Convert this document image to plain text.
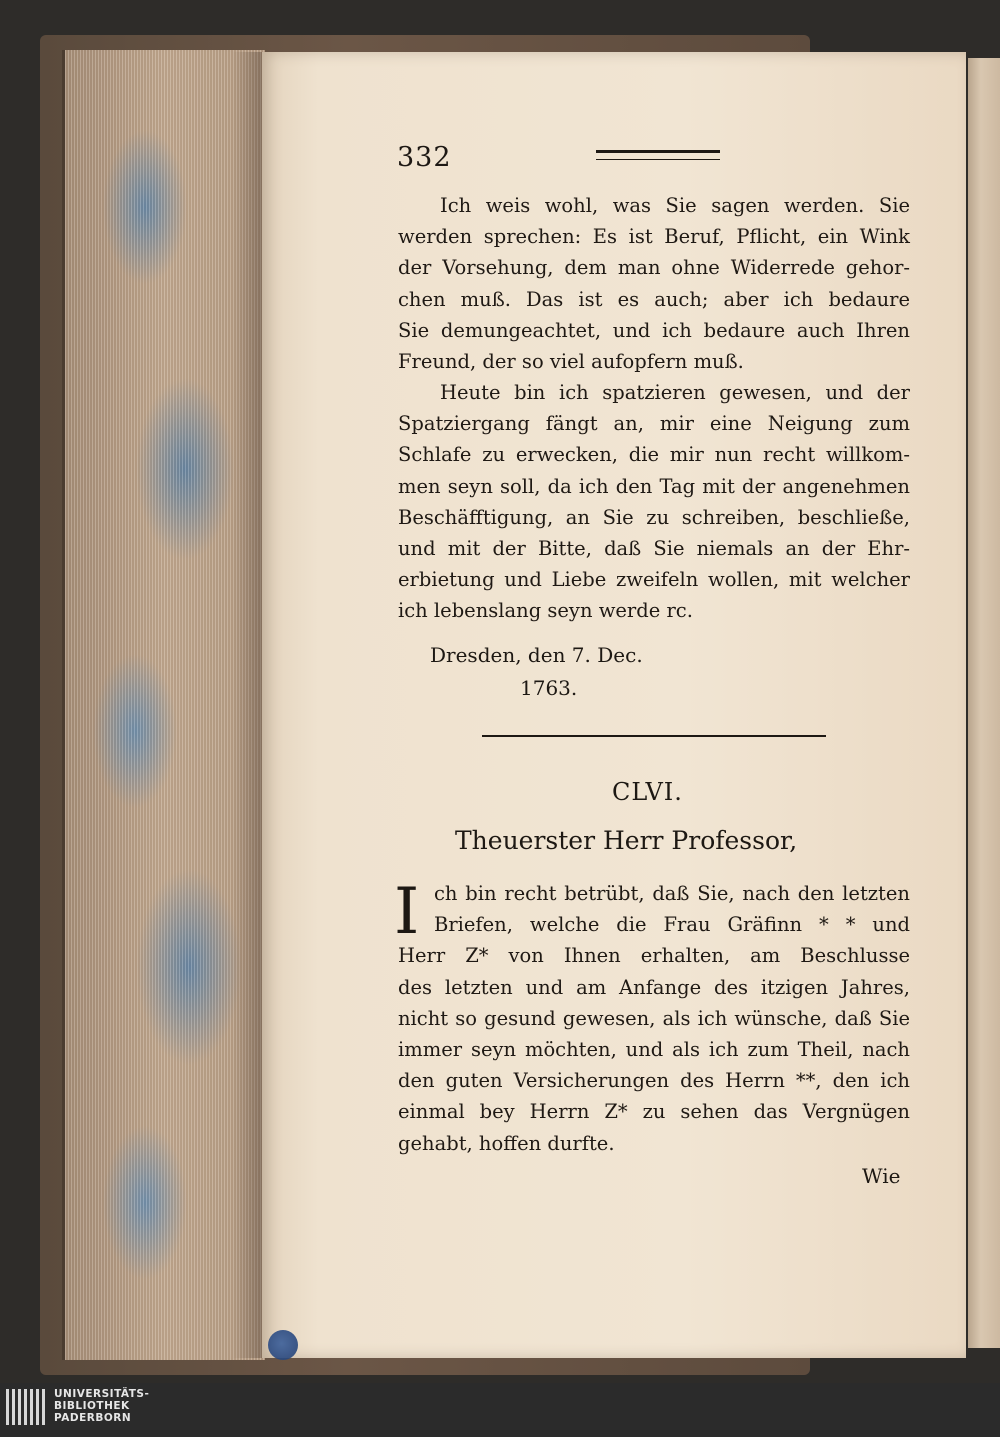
332
Ich weis wohl, was Sie sagen werden. Sie
werden sprechen: Es ist Beruf, Pflicht, ein Wink
der Vorsehung, dem man ohne Widerrede gehor-
chen muß. Das ist es auch; aber ich bedaure
Sie demungeachtet, und ich bedaure auch Ihren
Freund, der so viel aufopfern muß.
Heute bin ich spatzieren gewesen, und der
Spatziergang fängt an, mir eine Neigung zum
Schlafe zu erwecken, die mir nun recht willkom-
men seyn soll, da ich den Tag mit der angenehmen
Beschäfftigung, an Sie zu schreiben, beschließe,
und mit der Bitte, daß Sie niemals an der Ehr-
erbietung und Liebe zweifeln wollen, mit welcher
ich lebenslang seyn werde rc.
Dresden, den 7. Dec.
1763.
CLVI.
Theuerster Herr Professor,
I ch bin recht betrübt, daß Sie, nach den letzten
Briefen, welche die Frau Gräfinn * * und
Herr Z* von Ihnen erhalten, am Beschlusse
des letzten und am Anfange des itzigen Jahres,
nicht so gesund gewesen, als ich wünsche, daß Sie
immer seyn möchten, und als ich zum Theil, nach
den guten Versicherungen des Herrn **, den ich
einmal bey Herrn Z* zu sehen das Vergnügen
gehabt, hoffen durfte.
Wie
UNIVERSITÄTS-
BIBLIOTHEK
PADERBORN
